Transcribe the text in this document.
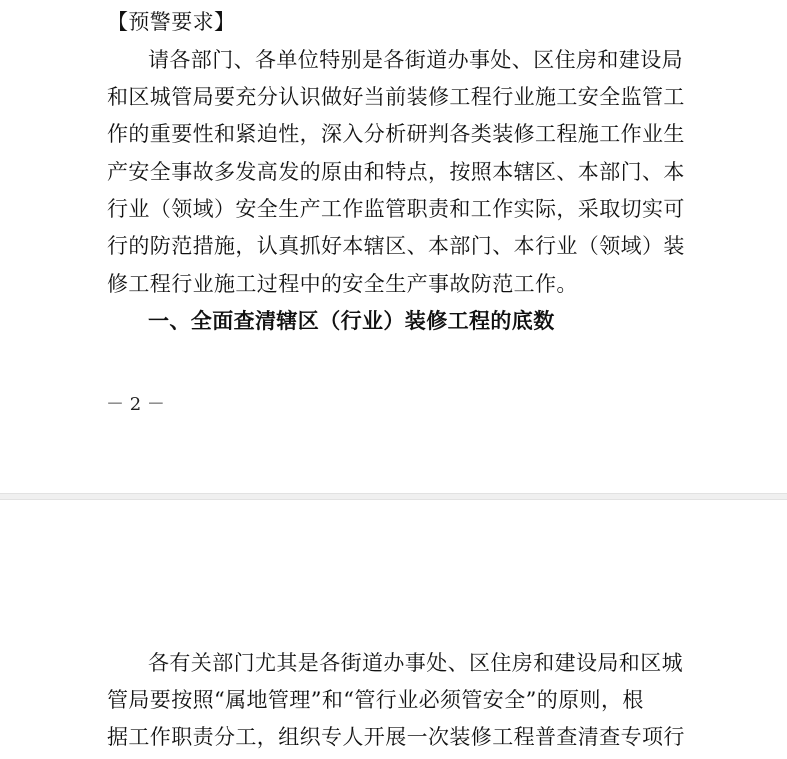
【预警要求】
请各部门、各单位特别是各街道办事处、区住房和建设局
和区城管局要充分认识做好当前装修工程行业施工安全监管工
作的重要性和紧迫性，深入分析研判各类装修工程施工作业生
产安全事故多发高发的原由和特点，按照本辖区、本部门、本
行业（领域）安全生产工作监管职责和工作实际，采取切实可
行的防范措施，认真抓好本辖区、本部门、本行业（领域）装
修工程行业施工过程中的安全生产事故防范工作。
一、全面查清辖区（行业）装修工程的底数
－ 2 －
各有关部门尤其是各街道办事处、区住房和建设局和区城
管局要按照“属地管理”和“管行业必须管安全”的原则，根
据工作职责分工，组织专人开展一次装修工程普查清查专项行
